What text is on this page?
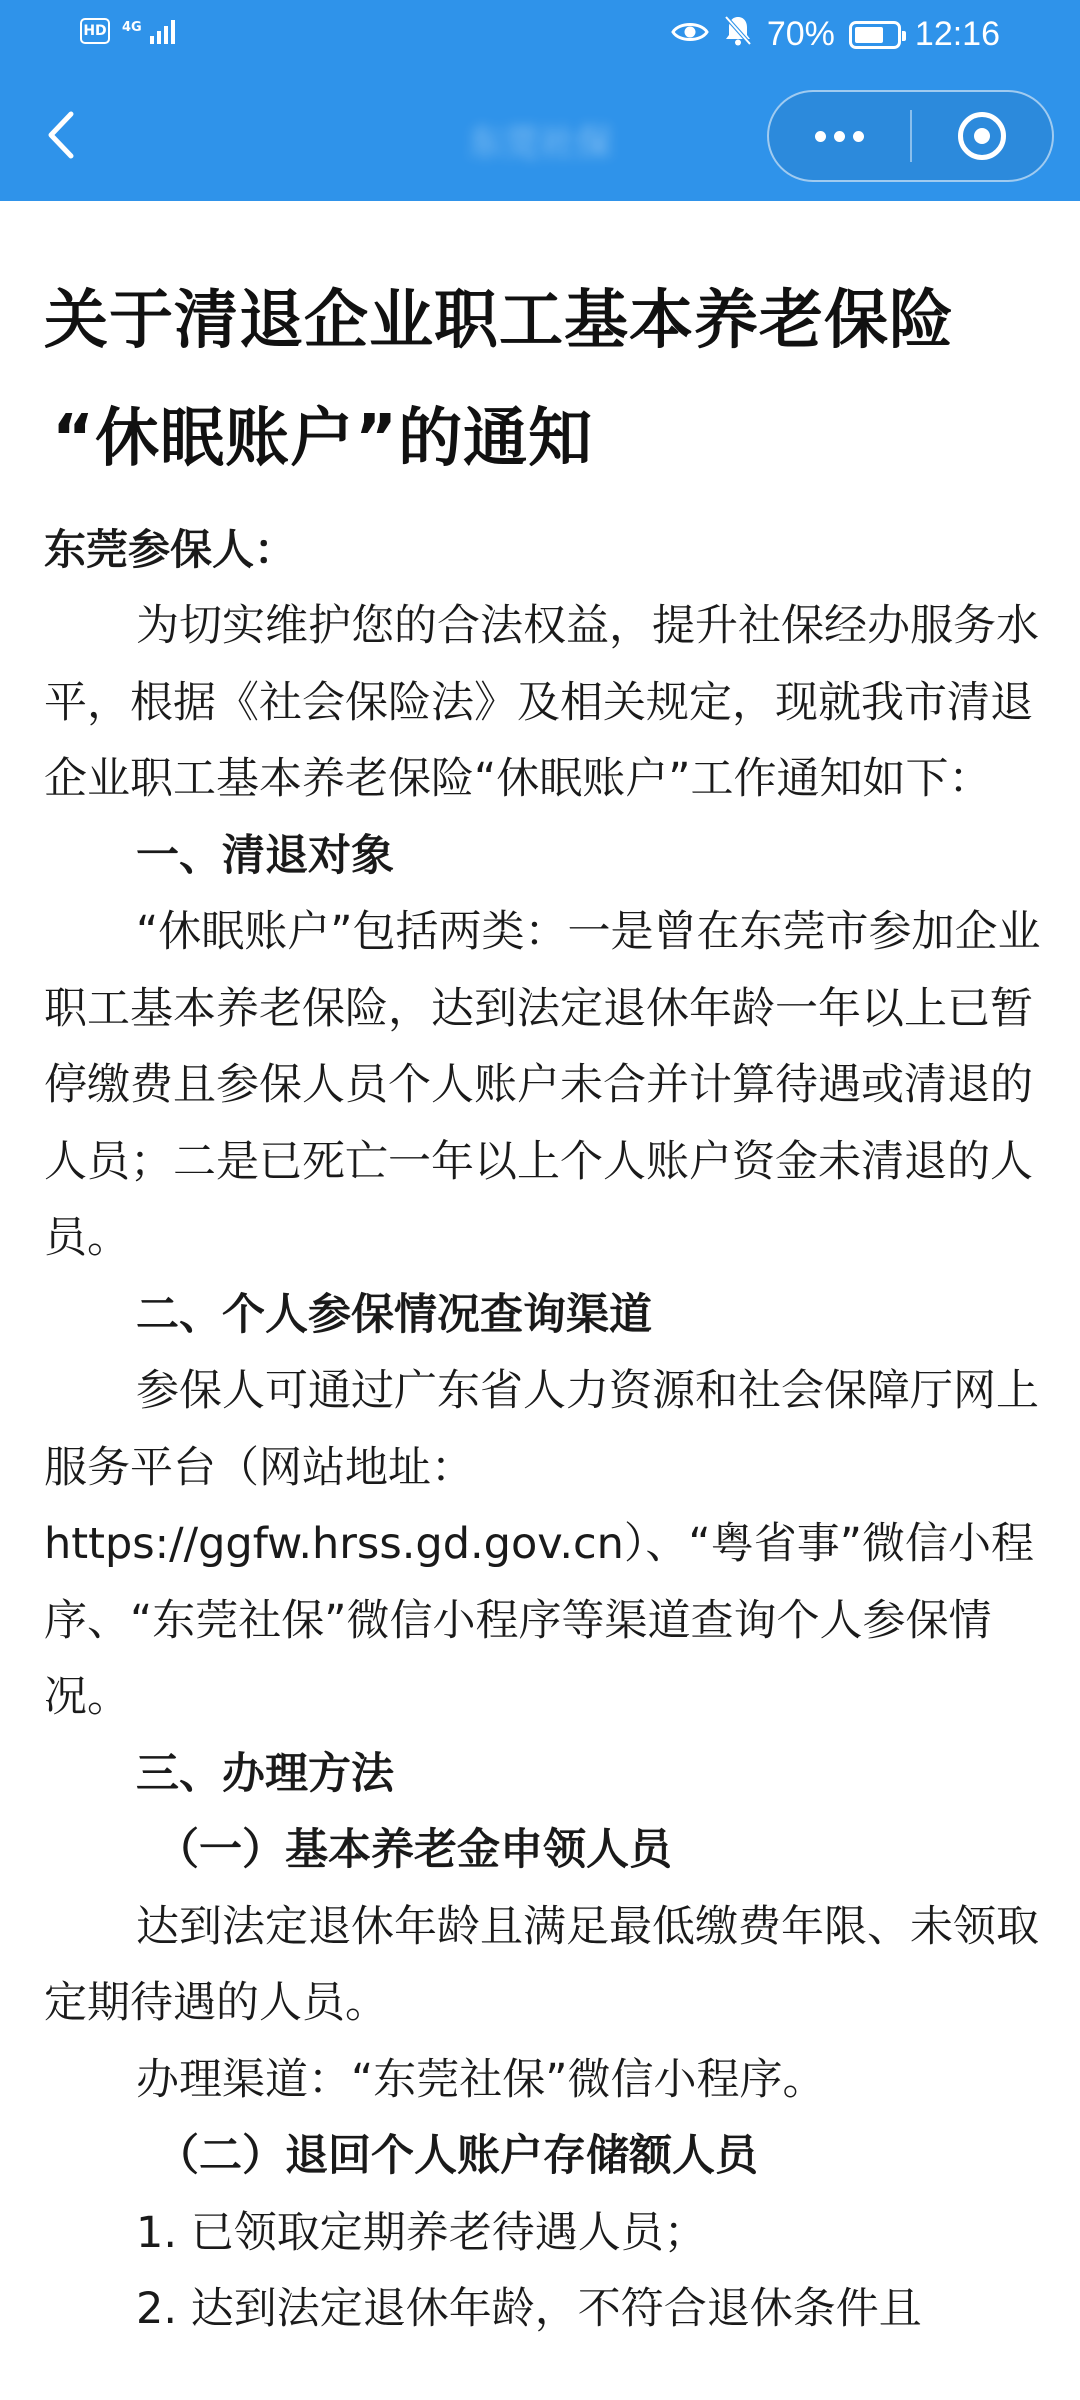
HD 4G	70% 12:16
东莞社保
关于清退企业职工基本养老保险
“休眠账户”的通知
东莞参保人：

为切实维护您的合法权益，提升社保经办服务水平，根据《社会保险法》及相关规定，现就我市清退企业职工基本养老保险“休眠账户”工作通知如下：

一、清退对象

“休眠账户”包括两类：一是曾在东莞市参加企业职工基本养老保险，达到法定退休年龄一年以上已暂停缴费且参保人员个人账户未合并计算待遇或清退的人员；二是已死亡一年以上个人账户资金未清退的人员。

二、个人参保情况查询渠道

参保人可通过广东省人力资源和社会保障厅网上服务平台（网站地址：

https://ggfw.hrss.gd.gov.cn）、“粤省事”微信小程序、“东莞社保”微信小程序等渠道查询个人参保情况。

三、办理方法

（一）基本养老金申领人员

达到法定退休年龄且满足最低缴费年限、未领取定期待遇的人员。

办理渠道：“东莞社保”微信小程序。

（二）退回个人账户存储额人员

1. 已领取定期养老待遇人员；

2. 达到法定退休年龄，不符合退休条件且
